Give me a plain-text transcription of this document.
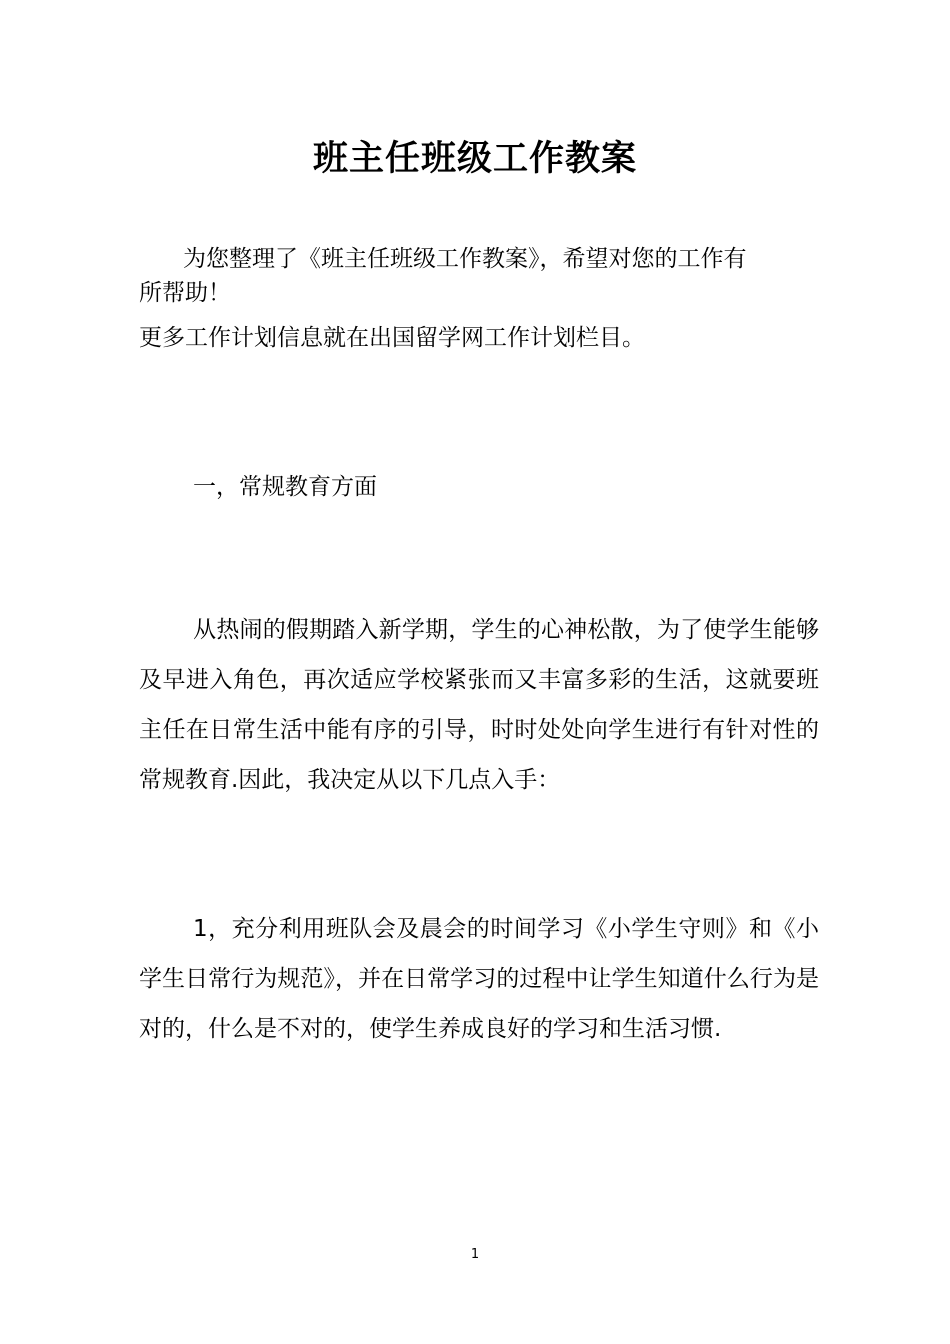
班主任班级工作教案

为您整理了《班主任班级工作教案》，希望对您的工作有
所帮助！

更多工作计划信息就在出国留学网工作计划栏目。

一，常规教育方面

从热闹的假期踏入新学期，学生的心神松散，为了使学生能够及早进入角色，再次适应学校紧张而又丰富多彩的生活，这就要班主任在日常生活中能有序的引导，时时处处向学生进行有针对性的常规教育.因此，我决定从以下几点入手：

1，充分利用班队会及晨会的时间学习《小学生守则》和《小学生日常行为规范》，并在日常学习的过程中让学生知道什么行为是对的，什么是不对的，使学生养成良好的学习和生活习惯.

1
